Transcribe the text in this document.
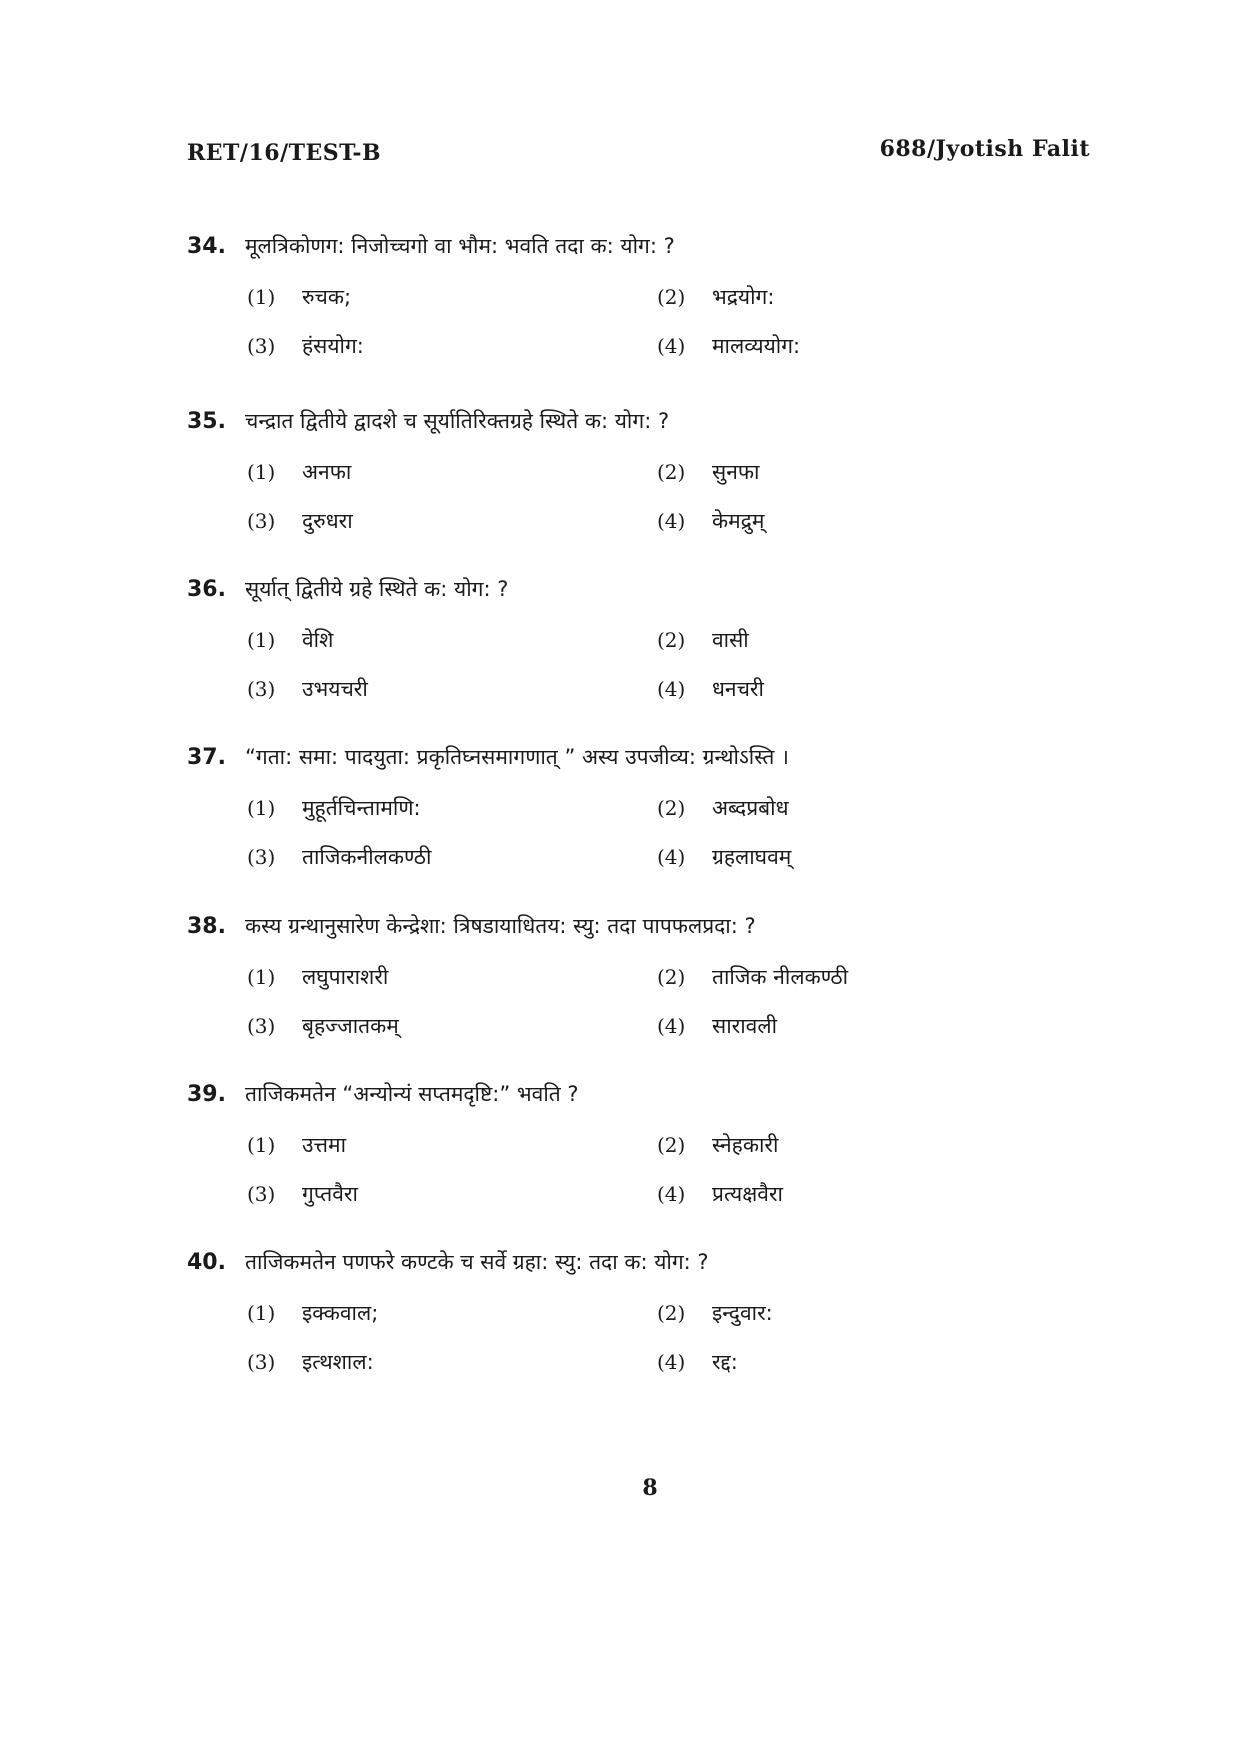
RET/16/TEST-B	688/Jyotish Falit
34. मूलत्रिकोणग: निजोच्चगो वा भौम: भवति तदा क: योग: ?
(1)	रुचक;	(2)	भद्रयोग:
(3)	हंसयोग:	(4)	मालव्ययोग:
35. चन्द्रात द्वितीये द्वादशे च सूर्यातिरिक्तग्रहे स्थिते क: योग: ?
(1)	अनफा	(2)	सुनफा
(3)	दुरुधरा	(4)	केमद्रुम्
36. सूर्यात् द्वितीये ग्रहे स्थिते क: योग: ?
(1)	वेशि	(2)	वासी
(3)	उभयचरी	(4)	धनचरी
37. “गता: समा: पादयुता: प्रकृतिघ्नसमागणात् ” अस्य उपजीव्य: ग्रन्थोऽस्ति ।
(1)	मुहूर्तचिन्तामणि:	(2)	अब्दप्रबोध
(3)	ताजिकनीलकण्ठी	(4)	ग्रहलाघवम्
38. कस्य ग्रन्थानुसारेण केन्द्रेशा: त्रिषडायाधितय: स्यु: तदा पापफलप्रदा: ?
(1)	लघुपाराशरी	(2)	ताजिक नीलकण्ठी
(3)	बृहज्जातकम्	(4)	सारावली
39. ताजिकमतेन “अन्योन्यं सप्तमदृष्टि:” भवति ?
(1)	उत्तमा	(2)	स्नेहकारी
(3)	गुप्तवैरा	(4)	प्रत्यक्षवैरा
40. ताजिकमतेन पणफरे कण्टके च सर्वे ग्रहा: स्यु: तदा क: योग: ?
(1)	इक्कवाल;	(2)	इन्दुवार:
(3)	इत्थशाल:	(4)	रद्द:
8
